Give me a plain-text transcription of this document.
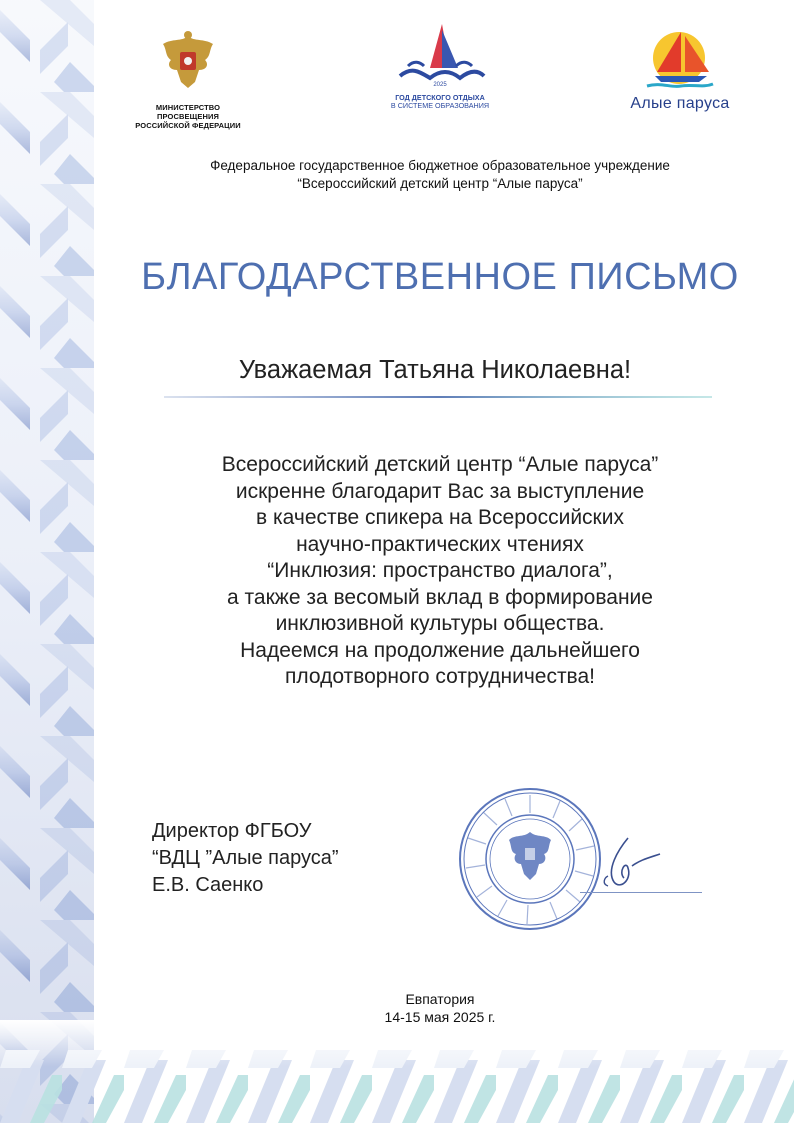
МИНИСТЕРСТВО ПРОСВЕЩЕНИЯ
РОССИЙСКОЙ ФЕДЕРАЦИИ
2025
ГОД ДЕТСКОГО ОТДЫХА
В СИСТЕМЕ ОБРАЗОВАНИЯ	Алые паруса
Федеральное государственное бюджетное образовательное учреждение
“Всероссийский детский центр “Алые паруса”
БЛАГОДАРСТВЕННОЕ ПИСЬМО
Уважаемая Татьяна Николаевна!
Всероссийский детский центр “Алые паруса”
искренне благодарит Вас за выступление
в качестве спикера на Всероссийских
научно-практических чтениях
“Инклюзия: пространство диалога”,
а также за весомый вклад в формирование
инклюзивной культуры общества.
Надеемся на продолжение дальнейшего
плодотворного сотрудничества!
Директор ФГБОУ
“ВДЦ ”Алые паруса”
Е.В. Саенко
Евпатория
14-15 мая 2025 г.
